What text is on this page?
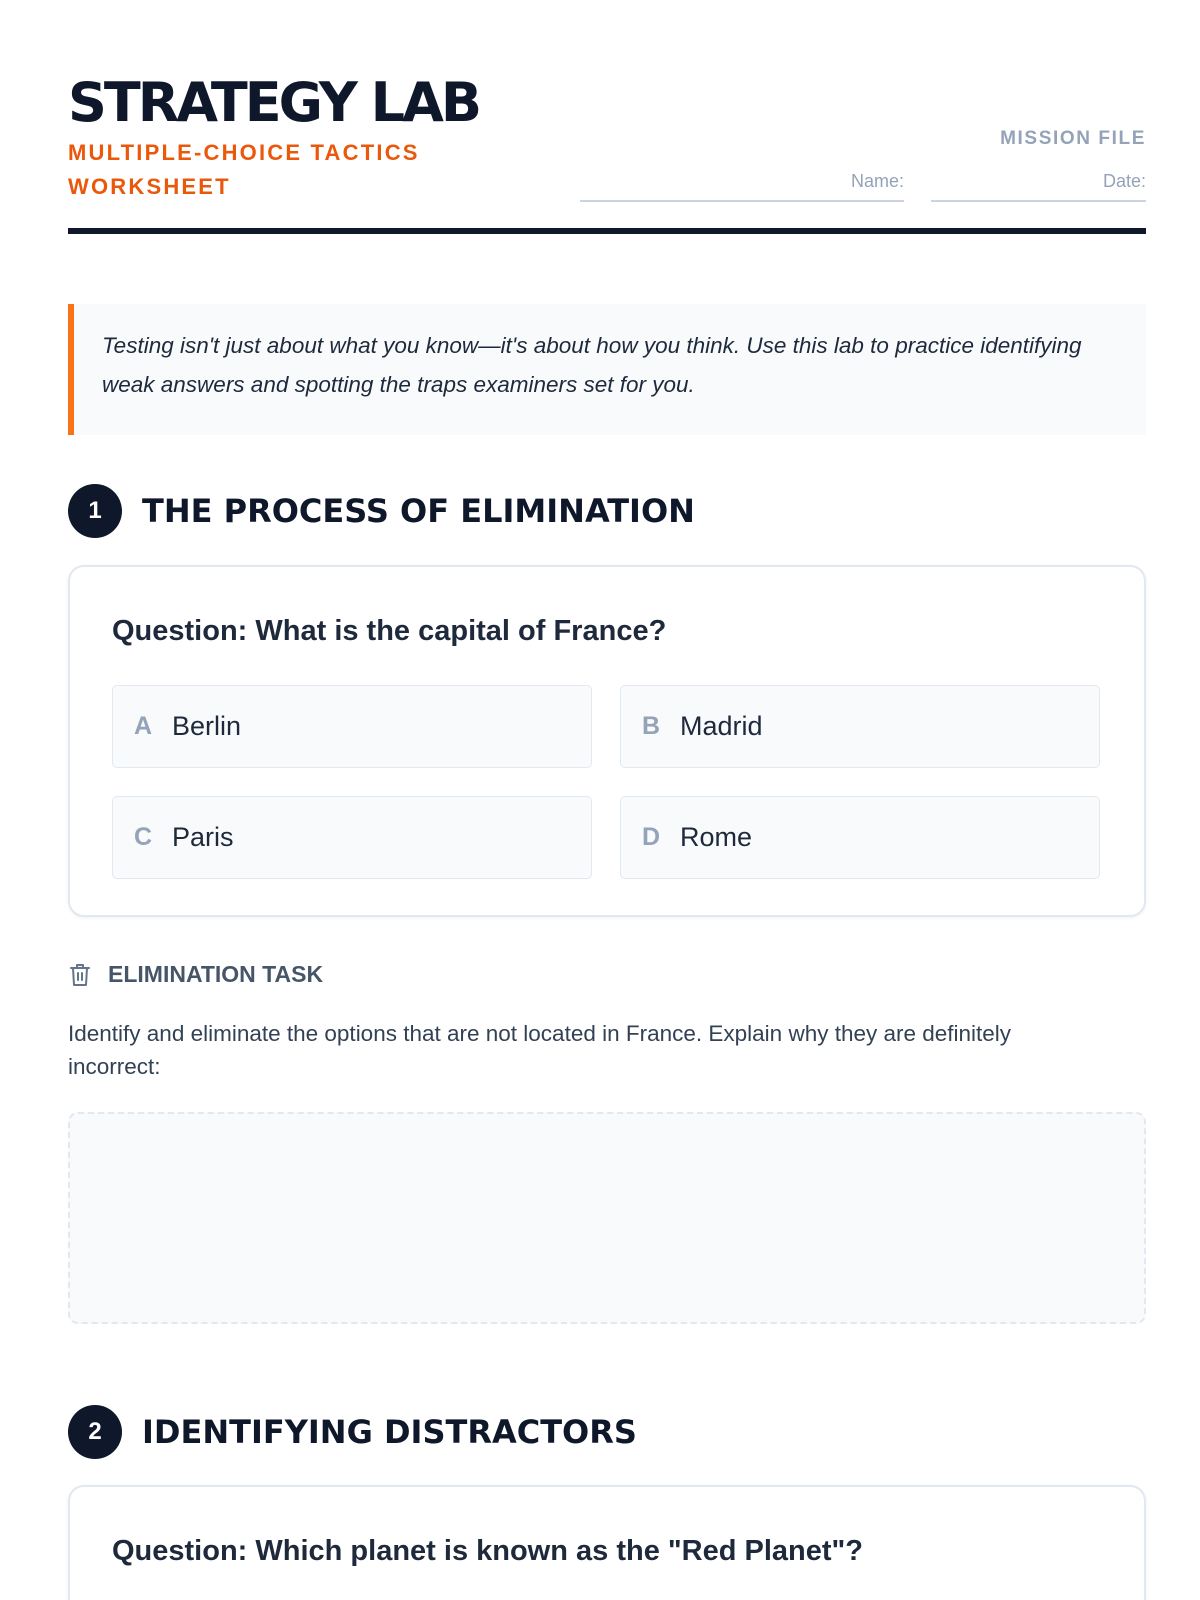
STRATEGY LAB
MULTIPLE-CHOICE TACTICS WORKSHEET
MISSION FILE
Name:	Date:

Testing isn't just about what you know—it's about how you think. Use this lab to practice identifying weak answers and spotting the traps examiners set for you.

1	THE PROCESS OF ELIMINATION

Question: What is the capital of France?

A Berlin	B Madrid
C Paris	D Rome
ELIMINATION TASK

Identify and eliminate the options that are not located in France. Explain why they are definitely incorrect:

2	IDENTIFYING DISTRACTORS

Question: Which planet is known as the "Red Planet"?
